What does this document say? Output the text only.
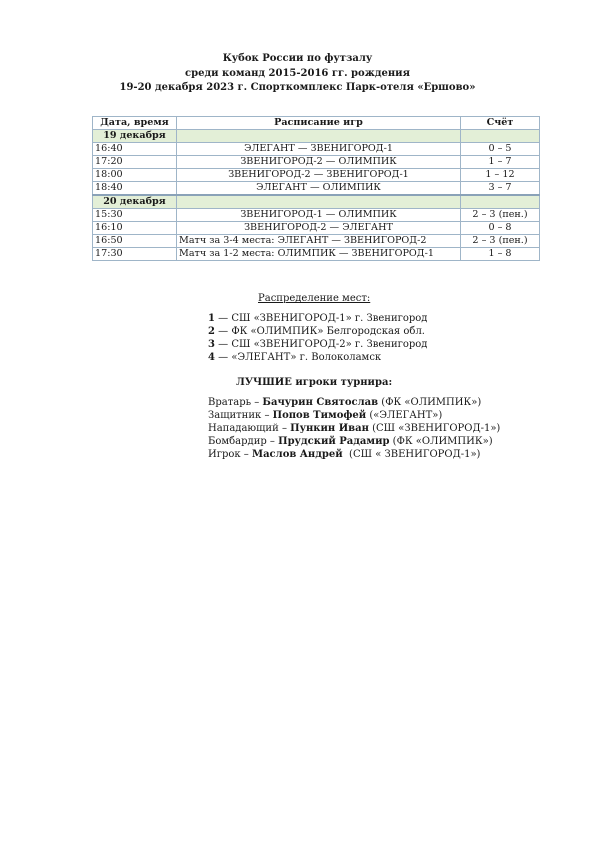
Кубок России по футзалу
среди команд 2015-2016 гг. рождения
19-20 декабря 2023 г. Спорткомплекс Парк-отеля «Ершово»
Дата, время	Расписание игр	Счёт
19 декабря		
16:40	ЭЛЕГАНТ — ЗВЕНИГОРОД-1	0 – 5
17:20	ЗВЕНИГОРОД-2 — ОЛИМПИК	1 – 7
18:00	ЗВЕНИГОРОД-2 — ЗВЕНИГОРОД-1	1 – 12
18:40	ЭЛЕГАНТ — ОЛИМПИК	3 – 7
20 декабря		
15:30	ЗВЕНИГОРОД-1 — ОЛИМПИК	2 – 3 (пен.)
16:10	ЗВЕНИГОРОД-2 — ЭЛЕГАНТ	0 – 8
16:50	Матч за 3-4 места: ЭЛЕГАНТ — ЗВЕНИГОРОД-2	2 – 3 (пен.)
17:30	Матч за 1-2 места: ОЛИМПИК — ЗВЕНИГОРОД-1	1 – 8
Распределение мест:
1 — СШ «ЗВЕНИГОРОД-1» г. Звенигород
2 — ФК «ОЛИМПИК» Белгородская обл.
3 — СШ «ЗВЕНИГОРОД-2» г. Звенигород
4 — «ЭЛЕГАНТ» г. Волоколамск
ЛУЧШИЕ игроки турнира:
Вратарь – Бачурин Святослав (ФК «ОЛИМПИК»)
Защитник – Попов Тимофей («ЭЛЕГАНТ»)
Нападающий – Пункин Иван (СШ «ЗВЕНИГОРОД-1»)
Бомбардир – Прудский Радамир (ФК «ОЛИМПИК»)
Игрок – Маслов Андрей  (СШ « ЗВЕНИГОРОД-1»)
